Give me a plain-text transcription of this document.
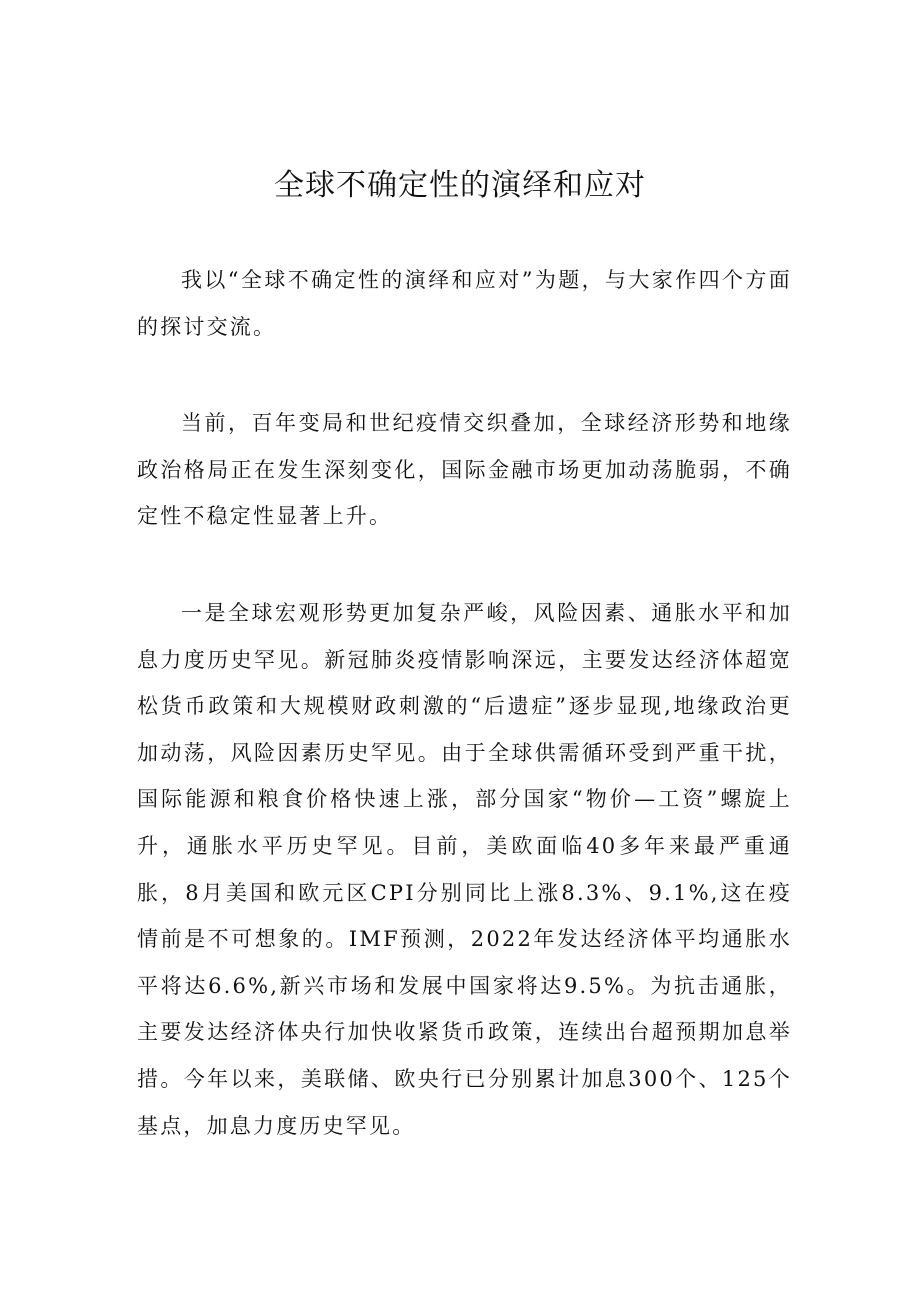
全球不确定性的演绎和应对

我以“全球不确定性的演绎和应对”为题，与大家作四个方面的探讨交流。

当前，百年变局和世纪疫情交织叠加，全球经济形势和地缘政治格局正在发生深刻变化，国际金融市场更加动荡脆弱，不确定性不稳定性显著上升。

一是全球宏观形势更加复杂严峻，风险因素、通胀水平和加息力度历史罕见。新冠肺炎疫情影响深远，主要发达经济体超宽松货币政策和大规模财政刺激的“后遗症”逐步显现,地缘政治更加动荡，风险因素历史罕见。由于全球供需循环受到严重干扰，国际能源和粮食价格快速上涨，部分国家“物价—工资”螺旋上升，通胀水平历史罕见。目前，美欧面临40多年来最严重通胀，8月美国和欧元区CPI分别同比上涨8.3%、9.1%,这在疫情前是不可想象的。IMF预测，2022年发达经济体平均通胀水平将达6.6%,新兴市场和发展中国家将达9.5%。为抗击通胀，主要发达经济体央行加快收紧货币政策，连续出台超预期加息举措。今年以来，美联储、欧央行已分别累计加息300个、125个基点，加息力度历史罕见。
